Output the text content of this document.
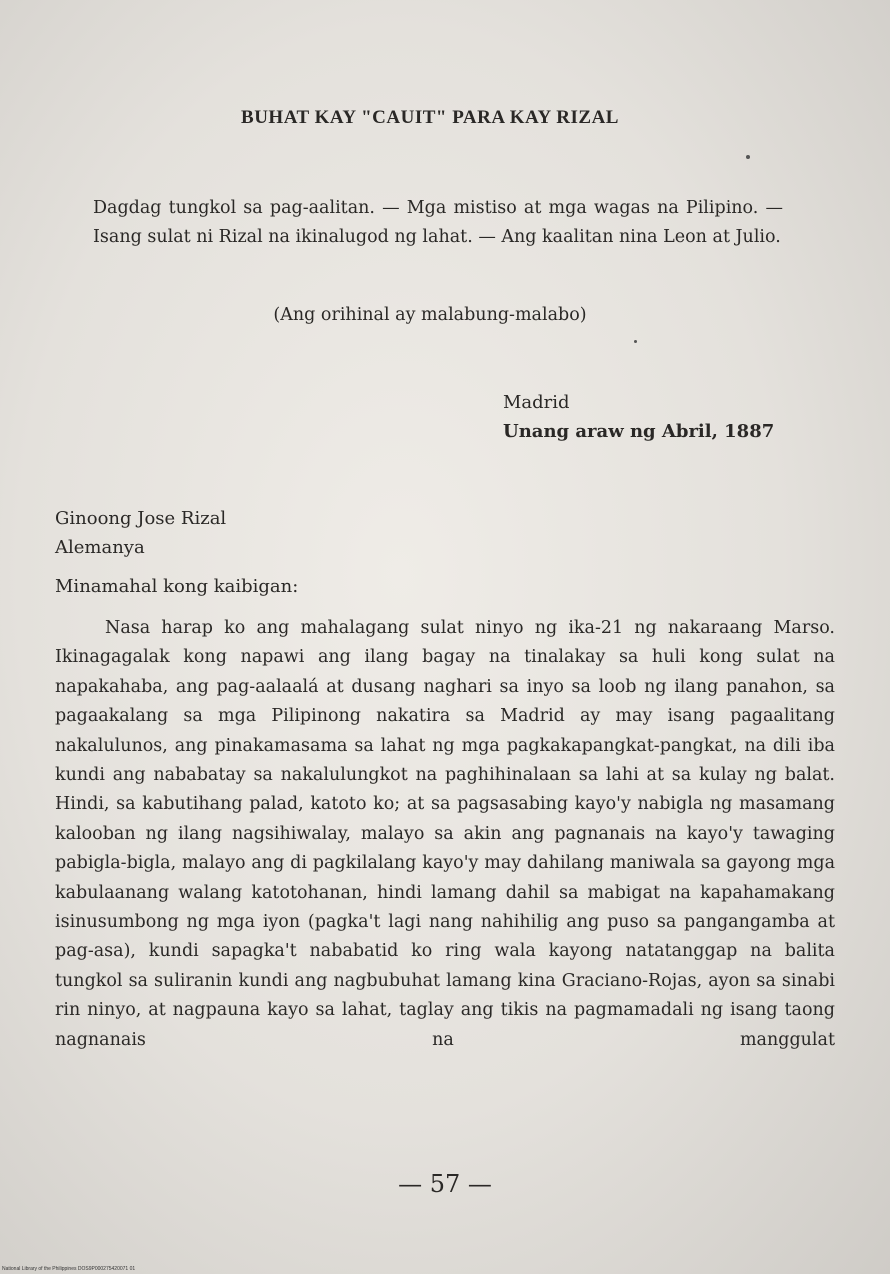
BUHAT KAY "CAUIT" PARA KAY RIZAL

Dagdag tungkol sa pag-aalitan. — Mga mistiso at mga wagas na Pilipino. — Isang sulat ni Rizal na ikinalugod ng lahat. — Ang kaalitan nina Leon at Julio.

(Ang orihinal ay malabung-malabo)

Madrid
Unang araw ng Abril, 1887
Ginoong Jose Rizal
Alemanya

Minamahal kong kaibigan:

Nasa harap ko ang mahalagang sulat ninyo ng ika-21 ng nakaraang Marso. Ikinagagalak kong napawi ang ilang bagay na tinalakay sa huli kong sulat na napakahaba, ang pag-aalaalá at dusang naghari sa inyo sa loob ng ilang panahon, sa pagaakalang sa mga Pilipinong nakatira sa Madrid ay may isang pagaalitang nakalulunos, ang pinakamasama sa lahat ng mga pagkakapangkat-pangkat, na dili iba kundi ang nababatay sa nakalulungkot na paghihinalaan sa lahi at sa kulay ng balat. Hindi, sa kabutihang palad, katoto ko; at sa pagsasabing kayo'y nabigla ng masamang kalooban ng ilang nagsihiwalay, malayo sa akin ang pagnanais na kayo'y tawaging pabigla-bigla, malayo ang di pagkilalang kayo'y may dahilang maniwala sa gayong mga kabulaanang walang katotohanan, hindi lamang dahil sa mabigat na kapahamakang isinusumbong ng mga iyon (pagka't lagi nang nahihilig ang puso sa pangangamba at pag-asa), kundi sapagka't nababatid ko ring wala kayong natatanggap na balita tungkol sa suliranin kundi ang nagbubuhat lamang kina Graciano-Rojas, ayon sa sinabi rin ninyo, at nagpauna kayo sa lahat, taglay ang tikis na pagmamadali ng isang taong nagnanais na manggulat

— 57 —

National Library of the Philippines DOS9P000275420071 01
